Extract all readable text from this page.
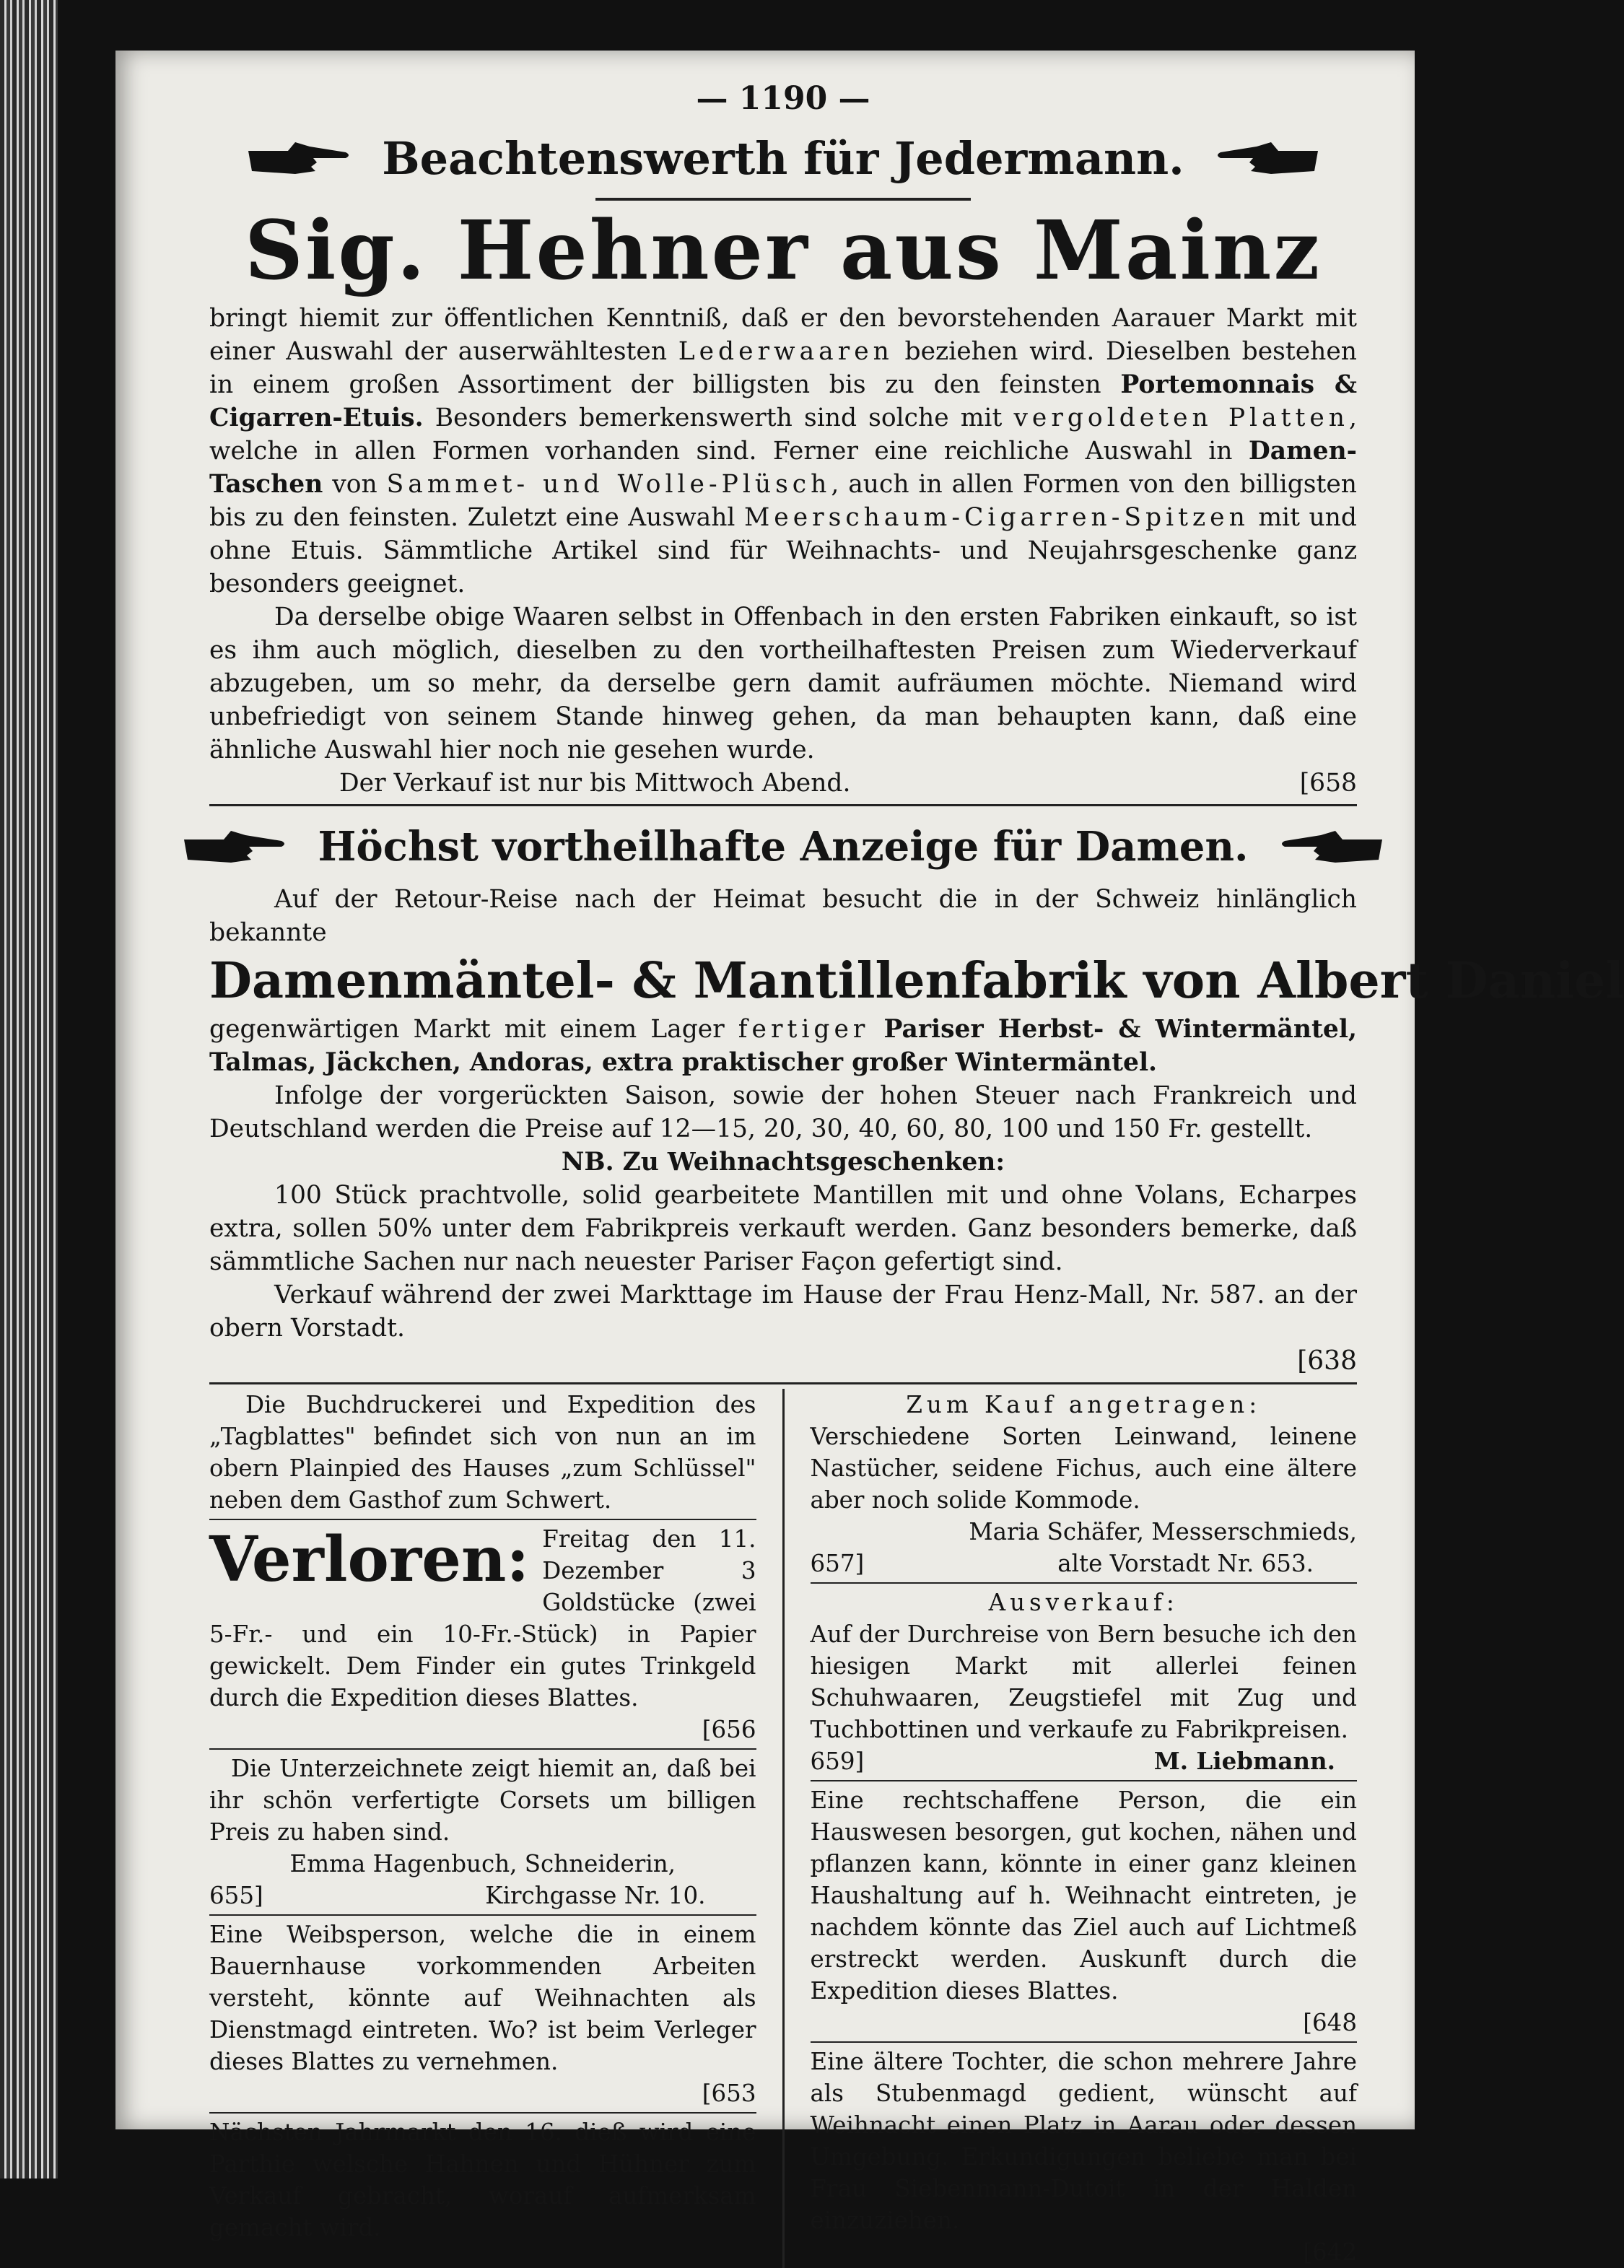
— 1190 —
Beachtenswerth für Jedermann.
Sig. Hehner aus Mainz

bringt hiemit zur öffentlichen Kenntniß, daß er den bevorstehenden Aarauer Markt mit einer Auswahl der auserwähltesten Lederwaaren beziehen wird. Dieselben bestehen in einem großen Assortiment der billigsten bis zu den feinsten Portemonnais & Cigarren-Etuis. Besonders bemerkenswerth sind solche mit vergoldeten Platten, welche in allen Formen vorhanden sind. Ferner eine reichliche Auswahl in Damen-Taschen von Sammet- und Wolle-Plüsch, auch in allen Formen von den billigsten bis zu den feinsten. Zuletzt eine Auswahl Meerschaum-Cigarren-Spitzen mit und ohne Etuis. Sämmtliche Artikel sind für Weihnachts- und Neujahrsgeschenke ganz besonders geeignet.

Da derselbe obige Waaren selbst in Offenbach in den ersten Fabriken einkauft, so ist es ihm auch möglich, dieselben zu den vortheilhaftesten Preisen zum Wiederverkauf abzugeben, um so mehr, da derselbe gern damit aufräumen möchte. Niemand wird unbefriedigt von seinem Stande hinweg gehen, da man behaupten kann, daß eine ähnliche Auswahl hier noch nie gesehen wurde.

Der Verkauf ist nur bis Mittwoch Abend.	[658
Höchst vortheilhafte Anzeige für Damen.

Auf der Retour-Reise nach der Heimat besucht die in der Schweiz hinlänglich bekannte

Damenmäntel- & Mantillenfabrik von Albert Daniel

gegenwärtigen Markt mit einem Lager fertiger Pariser Herbst- & Wintermäntel, Talmas, Jäckchen, Andoras, extra praktischer großer Wintermäntel.

Infolge der vorgerückten Saison, sowie der hohen Steuer nach Frankreich und Deutschland werden die Preise auf 12—15, 20, 30, 40, 60, 80, 100 und 150 Fr. gestellt.

NB. Zu Weihnachtsgeschenken:

100 Stück prachtvolle, solid gearbeitete Mantillen mit und ohne Volans, Echarpes extra, sollen 50% unter dem Fabrikpreis verkauft werden. Ganz besonders bemerke, daß sämmtliche Sachen nur nach neuester Pariser Façon gefertigt sind.

Verkauf während der zwei Markttage im Hause der Frau Henz-Mall, Nr. 587. an der obern Vorstadt.

[638

Die Buchdruckerei und Expedition des „Tagblattes" befindet sich von nun an im obern Plainpied des Hauses „zum Schlüssel" neben dem Gasthof zum Schwert.

Verloren: Freitag den 11. Dezember 3 Goldstücke (zwei 5-Fr.- und ein 10-Fr.-Stück) in Papier gewickelt. Dem Finder ein gutes Trinkgeld durch die Expedition dieses Blattes.

[656

Die Unterzeichnete zeigt hiemit an, daß bei ihr schön verfertigte Corsets um billigen Preis zu haben sind.

Emma Hagenbuch, Schneiderin,
655]	Kirchgasse Nr. 10.

Eine Weibsperson, welche die in einem Bauernhause vorkommenden Arbeiten versteht, könnte auf Weihnachten als Dienstmagd eintreten. Wo? ist beim Verleger dieses Blattes zu vernehmen.

[653

Nächsten Jahrmarkt den 16. dieß wird eine Parthie welsche Hahnen und Hühner zum Verkauf gebracht, worauf aufmerksam gemacht wird.

Zum Kauf angetragen:

Verschiedene Sorten Leinwand, leinene Nastücher, seidene Fichus, auch eine ältere aber noch solide Kommode.

Maria Schäfer, Messerschmieds,
657]	alte Vorstadt Nr. 653.
Ausverkauf:

Auf der Durchreise von Bern besuche ich den hiesigen Markt mit allerlei feinen Schuhwaaren, Zeugstiefel mit Zug und Tuchbottinen und verkaufe zu Fabrikpreisen.

659]	M. Liebmann.

Eine rechtschaffene Person, die ein Hauswesen besorgen, gut kochen, nähen und pflanzen kann, könnte in einer ganz kleinen Haushaltung auf h. Weihnacht eintreten, je nachdem könnte das Ziel auch auf Lichtmeß erstreckt werden. Auskunft durch die Expedition dieses Blattes.

[648

Eine ältere Tochter, die schon mehrere Jahre als Stubenmagd gedient, wünscht auf Weihnacht einen Platz in Aarau oder dessen Umgebung. Erkundigungen beliebe man bei Frau Siebenmann-Dutoit in der Halden einzuziehen.

[642
